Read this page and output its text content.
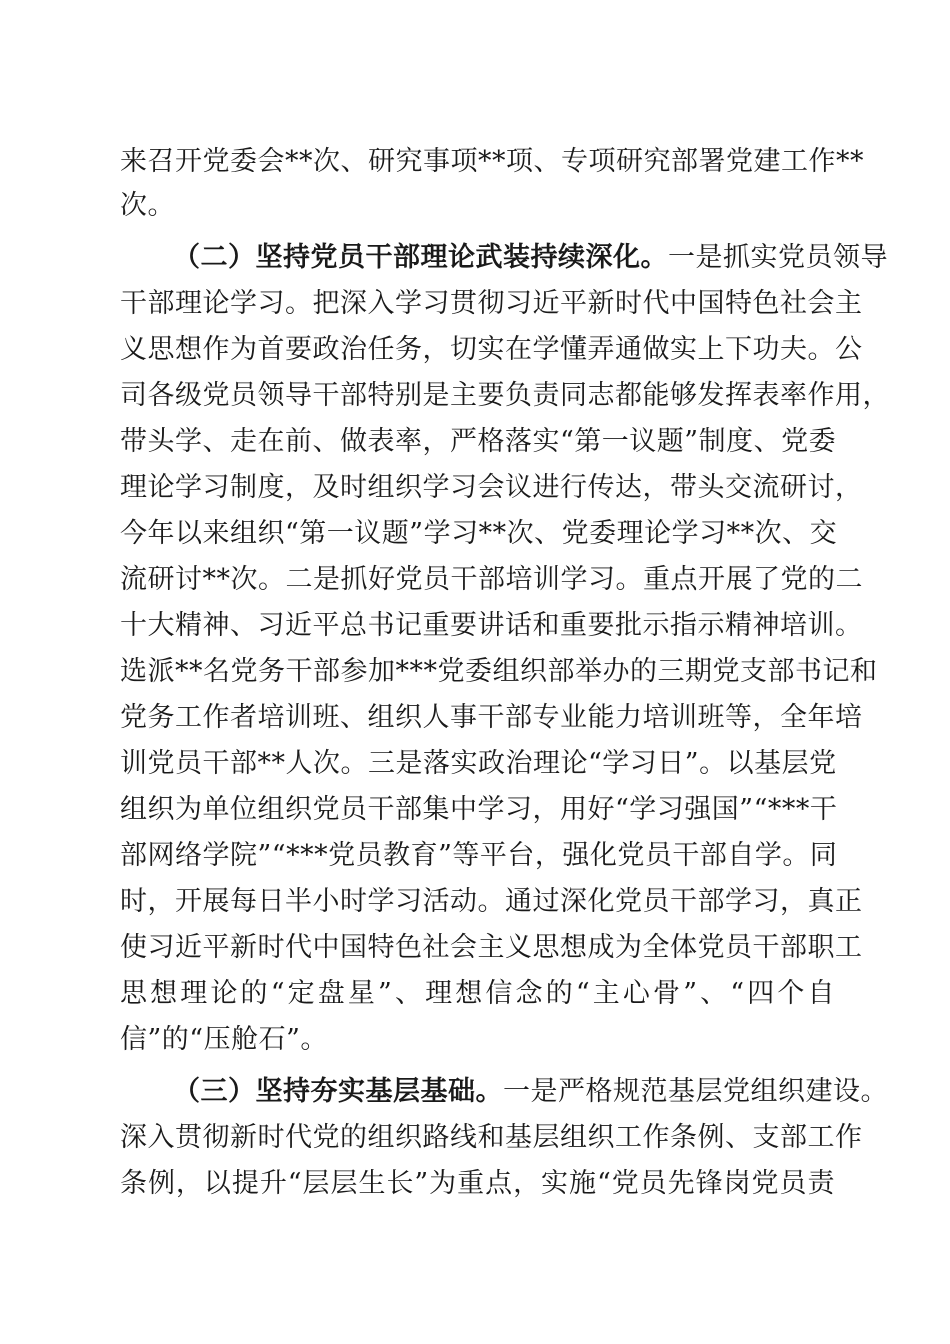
来召开党委会**次、研究事项**项、专项研究部署党建工作**
次。
（二）坚持党员干部理论武装持续深化。一是抓实党员领导
干部理论学习。把深入学习贯彻习近平新时代中国特色社会主
义思想作为首要政治任务，切实在学懂弄通做实上下功夫。公
司各级党员领导干部特别是主要负责同志都能够发挥表率作用，
带头学、走在前、做表率，严格落实“第一议题”制度、党委
理论学习制度，及时组织学习会议进行传达，带头交流研讨，
今年以来组织“第一议题”学习**次、党委理论学习**次、交
流研讨**次。二是抓好党员干部培训学习。重点开展了党的二
十大精神、习近平总书记重要讲话和重要批示指示精神培训。
选派**名党务干部参加***党委组织部举办的三期党支部书记和
党务工作者培训班、组织人事干部专业能力培训班等，全年培
训党员干部**人次。三是落实政治理论“学习日”。以基层党
组织为单位组织党员干部集中学习，用好“学习强国”“***干
部网络学院”“***党员教育”等平台，强化党员干部自学。同
时，开展每日半小时学习活动。通过深化党员干部学习，真正
使习近平新时代中国特色社会主义思想成为全体党员干部职工
思想理论的“定盘星”、理想信念的“主心骨”、“四个自
信”的“压舱石”。
（三）坚持夯实基层基础。一是严格规范基层党组织建设。
深入贯彻新时代党的组织路线和基层组织工作条例、支部工作
条例，以提升“层层生长”为重点，实施“党员先锋岗党员责
